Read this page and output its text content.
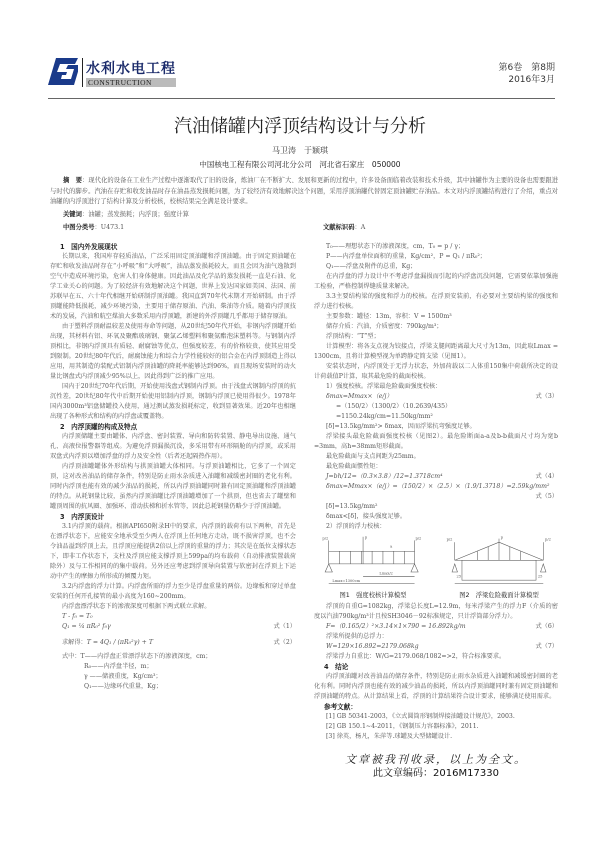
水利水电工程
CONSTRUCTION
第6卷　第8期
2016年3月
汽油储罐内浮顶结构设计与分析
马卫涛　于颖琪
中国核电工程有限公司河北分公司　河北省石家庄　050000
摘　要：现代化的设备在工业生产过程中逐渐取代了旧的设备，炼油厂在不断扩大、发展和更新的过程中，许多设备面临着改装和技术升级，其中油罐作为主要的设备也需要跟进与时代的脚步。汽油在存贮和收发油品时存在油品蒸发损耗问题，为了较经济有效地解决这个问题，采用浮顶油罐代替固定顶油罐贮存油品。本文对内浮顶罐结构进行了介绍，重点对油罐的内浮顶进行了结构计算及分析校核，校核结果完全满足设计要求。
关键词：油罐；蒸发损耗；内浮顶；强度计算
中图分类号：U473.1	文献标识码：A
1　国内外发展现状

长期以来，我国库存轻质油品，广泛采用固定顶油罐和浮顶油罐。由于固定顶油罐在存贮和收发油品时存在“小呼吸”和“大呼吸”，油品蒸发损耗较大，而且会因为油气逸散到空气中造成环境污染，危害人们身体健康。因此油品及化学品的蒸发损耗一直是石油、化学工业关心的问题。为了较经济有效地解决这个问题，世界上发达国家如美国、法国、前苏联早在五、六十年代相继开始研制浮顶油罐。我国直到70年代末期才开始研制。由于浮顶罐能降低损耗，减少环境污染，主要用于储存原油、汽油、柴油等介质。随着内浮顶技术的发展，汽油和航空煤油大多数采用内浮顶罐，新建的外浮顶罐几乎都用于储存原油。

由于塑料浮顶耐温较差及使用寿命等问题，从20世纪50年代开始，非钢内浮顶罐开始出现，其材料有铝、环氧及聚酯玻璃钢、聚氯乙烯塑料和聚氨酯泡沫塑料等。与钢制内浮顶相比，非钢内浮顶具有质轻、耐腐蚀等优点，但强度较差，有的价格较贵，使其应用受到限制。20世纪80年代后，耐腐蚀能力和综合力学性能较好的铝合金在内浮顶制造上得以应用，用其制造的装配式铝制内浮顶油罐的降耗率能够达到96%，而且现场安装时的动火量比钢盘式内浮顶减少95%以上，因此得到广泛的推广应用。

国内于20世纪70年代后期，开始使用浅盘式钢制内浮顶。由于浅盘式钢制内浮顶的抗沉性差，20世纪80年代中后期开始使用铝制内浮顶，钢制内浮顶已使用得很少。1978年国内3000m³铝盘储罐投入使用，通过测试蒸发损耗标定，收到显著效果。近20年也相继出现了各种形式和结构的内浮盘或覆盖物。

2　内浮顶罐的构成及特点

内浮顶储罐主要由罐体、内浮盘、密封装置、导向和防转装置、静电导出设施、通气孔、高液位报警器等组成。为避免浮顶漏损沉没，多采用带有环形隔舱的内浮顶，或采用双盘式内浮顶以增加浮盘的浮力及安全性（后者还起隔热作用）。

内浮顶油罐罐体外形结构与拱顶油罐大体相同。与浮顶油罐相比，它多了一个固定顶，这对改善油品的储存条件，特别是防止雨水杂质进入油罐和减缓密封圈的老化有利。同时内浮顶也能有效的减少油品的损耗，所以内浮顶油罐同时兼有固定顶油罐和浮顶油罐的特点。从耗钢量比较，虽然内浮顶油罐比浮顶油罐增加了一个拱顶，但也省去了罐壁和罐顶周围的抗风圈、加强环、滑动扶梯和折水管等，因此总耗钢量仍略少于浮顶油罐。

3　内浮顶设计

3.1内浮顶的载荷。根据API650附录H中的要求，内浮顶的载荷有以下两种，首先是在漂浮状态下，应能安全地承受至少两人在浮顶上任何地方走动，既不损害浮顶，也不会令油品溢到浮顶上去，且浮顶应能提供2倍以上浮顶的重量的浮力；其次是在低位支撑状态下，即非工作状态下，支柱及浮顶应能支撑浮顶上599pa的均布载荷（自动排液装置载荷除外）及与工作相同的的集中载荷。另外还应考虑到浮顶导向装置与软密封在浮顶上下运动中产生的摩擦力所形成的倾覆力矩。

3.2内浮盘的浮力计算。内浮盘所需的浮力至少是浮盘重量的两倍。边缘板和穿过单盘安装的任何开孔接管的最小高度为160~200mm。

内浮盘漂浮状态下的渗液深度可根据下两式联立求解。

T - f₀ = T₀
Q₁ = ¼ πR₀² f₀γ	式（1）
求解得：T = 4Q₁ / (πR₀²γ) + T	式（2）
式中：T——内浮盘正常漂浮状态下的渗液深度，cm；
R₀——内浮盘半径，m；
γ ——储液重度，Kg/cm³；
Q₁——边缘环代重量，Kg；
T₀——理想状态下的渗液深度，cm，T₀ = p / γ；
P——内浮盘单位面积的重量，Kg/cm²，P = Q₁ / πR₀²；
Q₁——浮盘及附件的总重，Kg；

在内浮盘的浮力设计中不考虑浮盘漏损而引起的内浮盘沉没问题，它需要依靠加强施工检验，严格控制焊缝质量来解决。

3.3主要结构梁的强度和浮力的校核。在浮顶安装前，有必要对主要结构梁的强度和浮力进行校核。

主要参数：罐径：13m，容积：V = 1500m³

储存介质：汽油，介质密度：790kg/m³；

浮顶结构：“T”型；

计算模型：将各支点视为铰接点，浮梁支腿间距离最大尺寸为13m，因此取Lmax = 1300cm，且将计算模型视为单跨静定简支梁（见图1）。

安装状态时，内浮顶处于无浮力状态，外加荷载以二人体重150集中荷载所决定的设计荷载值P计算，取其最危险的截面校核。

1）强度校核。浮梁最危险截面强度校核：

δmax=Mmax×（e/j）	式（3）
=（150/2）（1300/2）（10.2639/435）
=1150.24kg/cm=11.50kg/mm²

[δ]=13.5kg/mm²> δmax，因而浮梁抗弯强度足够。

浮梁接头最危险截面强度校核（见图2）。最危险断面a-a及b-b截面尺寸均为宽b =3mm，高h=38mm矩形截面。

最危险截面与支点间距为25mm。

最危险截面惯性矩：

J=bh/12=（0.3×3.8）/12=1.3718cm⁴	式（4）
δmax=Mmax×（e/j）=（150/2）×（2.5）×（1.9/1.3718）=2.59kg/mm²
式（5）

[δ]=13.5kg/mm²

δmax<[δ]，接头强度足够。

2）浮顶的浮力校核：

p/2	p/2
p
a
Lmax=1300cm
Lmax/2
图1　强度校核计算模型
p/2	p/2
p
25	25
图2　浮梁危险截面计算模型

浮顶的自重G=1082kg，浮梁总长度L=12.9m，每米浮梁产生的浮力F（介质的密度以汽油790kg/m³计且按SH3046－92标准规定，只计浮筒部分浮力）。

F=（0.165/2）²×3.14×1×790 = 16.892kg/m	式（6）

浮梁所提供的总浮力：

W=129×16.892=2179.068kg	式（7）

浮梁浮力自重比：W/G=2179.068/1082=>2，符合标准要求。

4　结论

内浮顶油罐对改善油品的储存条件，特别是防止雨水杂质进入油罐和减缓密封圈的老化有利。同时内浮顶也能有效的减少油品的损耗，所以内浮顶油罐同时兼有固定顶油罐和浮顶油罐的特点。从计算结果上看，浮顶的计算结果符合设计要求，能够满足使用需求。

参考文献：
[1] GB 50341-2003，《立式圆筒形钢制焊接油罐设计规范》，2003.
[2] GB 150.1~4-2011，《钢制压力容器标准》，2011.
[3] 徐英，杨凡，朱萍等.球罐及大型储罐设计.
文章被我刊收录，以上为全文。
此文章编码：2016M17330
